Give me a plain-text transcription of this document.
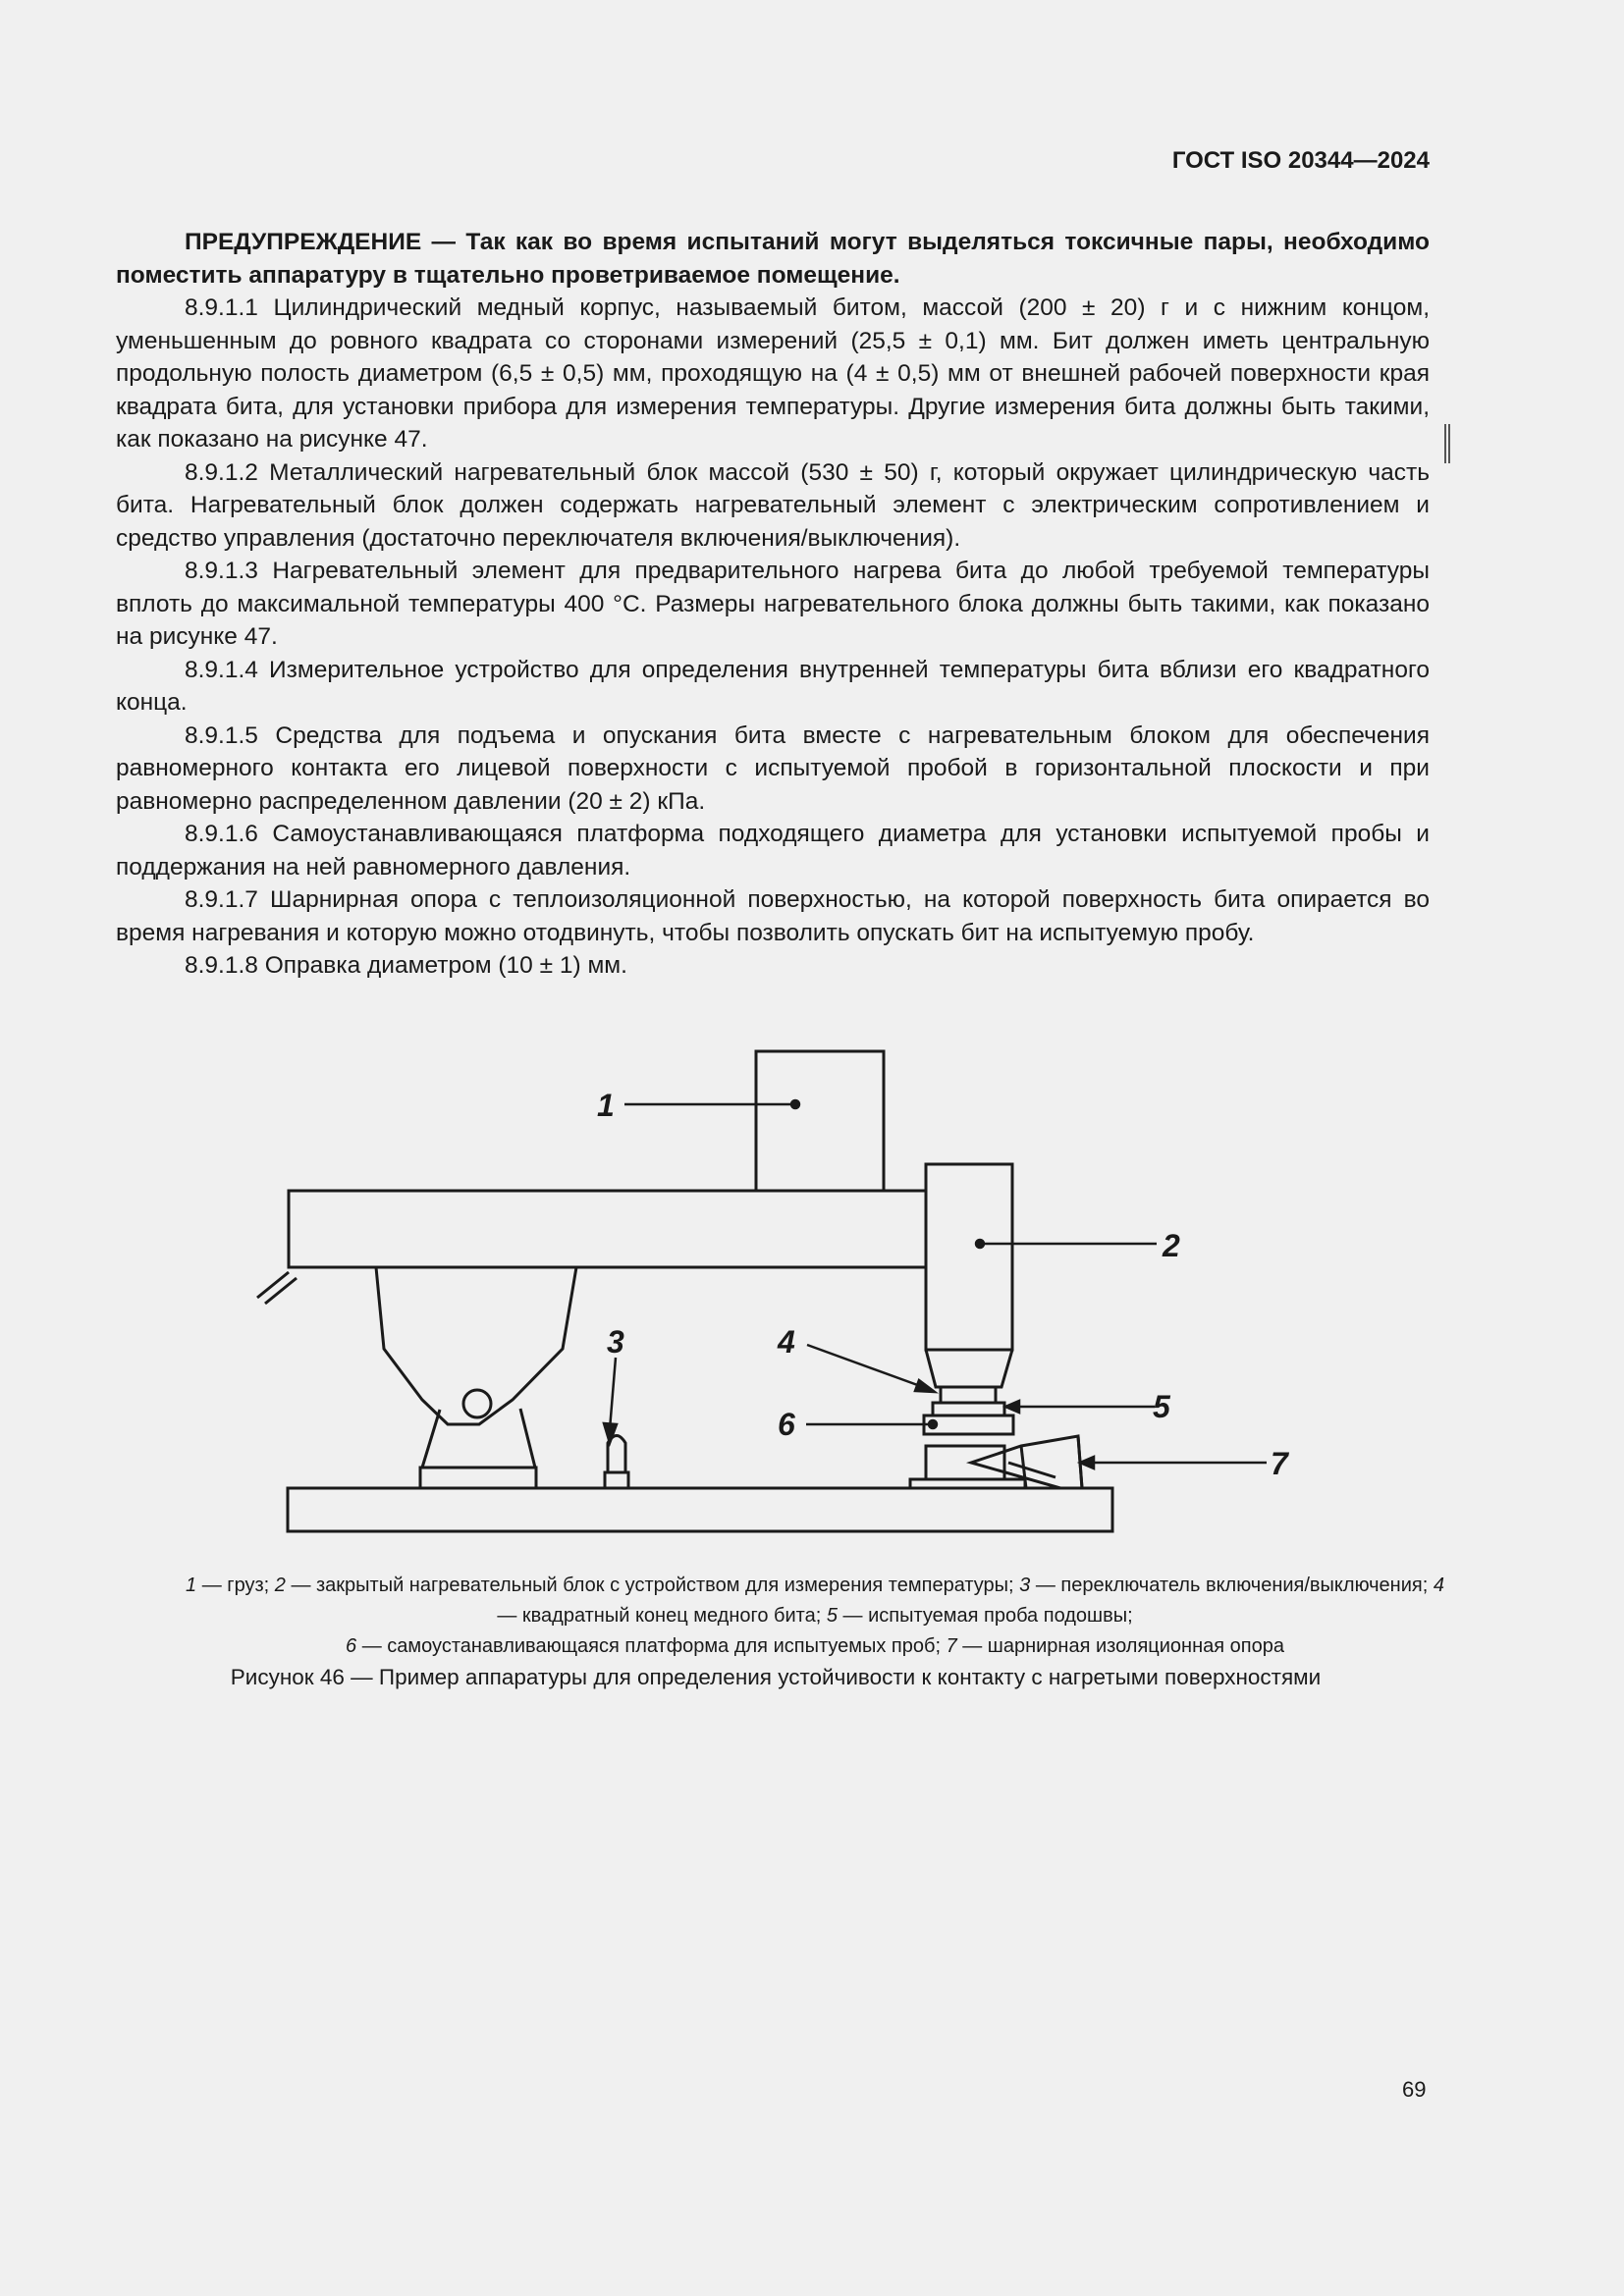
ГОСТ ISO 20344—2024

ПРЕДУПРЕЖДЕНИЕ — Так как во время испытаний могут выделяться токсичные пары, необходимо поместить аппаратуру в тщательно проветриваемое помещение.

8.9.1.1 Цилиндрический медный корпус, называемый битом, массой (200 ± 20) г и с нижним концом, уменьшенным до ровного квадрата со сторонами измерений (25,5 ± 0,1) мм. Бит должен иметь центральную продольную полость диаметром (6,5 ± 0,5) мм, проходящую на (4 ± 0,5) мм от внешней рабочей поверхности края квадрата бита, для установки прибора для измерения температуры. Другие измерения бита должны быть такими, как показано на рисунке 47.

8.9.1.2 Металлический нагревательный блок массой (530 ± 50) г, который окружает цилиндрическую часть бита. Нагревательный блок должен содержать нагревательный элемент с электрическим сопротивлением и средство управления (достаточно переключателя включения/выключения).

8.9.1.3 Нагревательный элемент для предварительного нагрева бита до любой требуемой температуры вплоть до максимальной температуры 400 °С. Размеры нагревательного блока должны быть такими, как показано на рисунке 47.

8.9.1.4 Измерительное устройство для определения внутренней температуры бита вблизи его квадратного конца.

8.9.1.5 Средства для подъема и опускания бита вместе с нагревательным блоком для обеспечения равномерного контакта его лицевой поверхности с испытуемой пробой в горизонтальной плоскости и при равномерно распределенном давлении (20 ± 2) кПа.

8.9.1.6 Самоустанавливающаяся платформа подходящего диаметра для установки испытуемой пробы и поддержания на ней равномерного давления.

8.9.1.7 Шарнирная опора с теплоизоляционной поверхностью, на которой поверхность бита опирается во время нагревания и которую можно отодвинуть, чтобы позволить опускать бит на испытуемую пробу.

8.9.1.8 Оправка диаметром (10 ± 1) мм.

1
2
3	4
5
6
7
1 — груз; 2 — закрытый нагревательный блок с устройством для измерения температуры; 3 — переключатель включения/выключения; 4 — квадратный конец медного бита; 5 — испытуемая проба подошвы;
6 — самоустанавливающаяся платформа для испытуемых проб; 7 — шарнирная изоляционная опора
Рисунок 46 — Пример аппаратуры для определения устойчивости к контакту с нагретыми поверхностями
69
